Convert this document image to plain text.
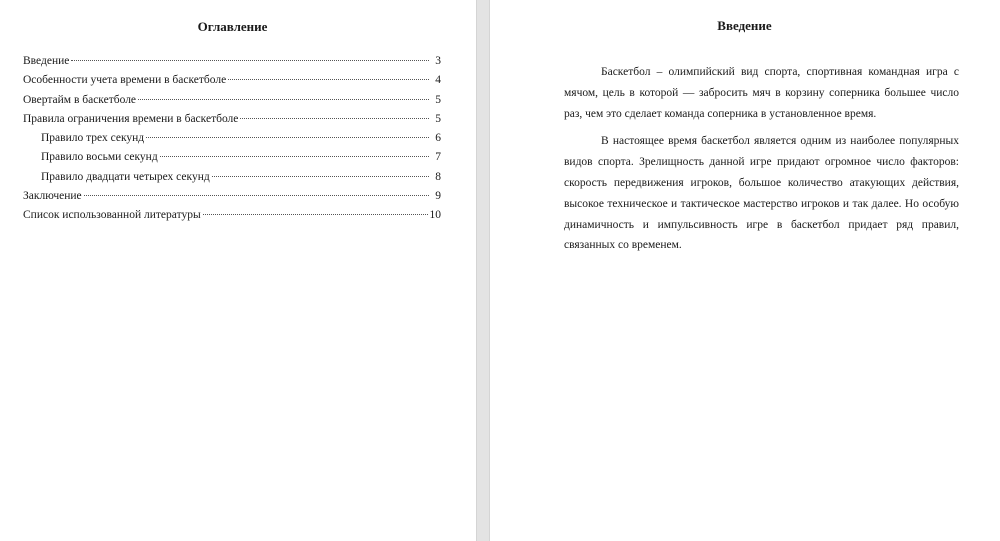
Оглавление
Введение	3
Особенности учета времени в баскетболе	4
Овертайм в баскетболе	5
Правила ограничения времени в баскетболе	5
Правило трех секунд	6
Правило восьми секунд	7
Правило двадцати четырех секунд	8
Заключение	9
Список использованной литературы	10
Введение

Баскетбол – олимпийский вид спорта, спортивная командная игра с мячом, цель в которой — забросить мяч в корзину соперника большее число раз, чем это сделает команда соперника в установленное время.

В настоящее время баскетбол является одним из наиболее популярных видов спорта. Зрелищность данной игре придают огромное число факторов: скорость передвижения игроков, большое количество атакующих действия, высокое техническое и тактическое мастерство игроков и так далее. Но особую динамичность и импульсивность игре в баскетбол придает ряд правил, связанных со временем.
